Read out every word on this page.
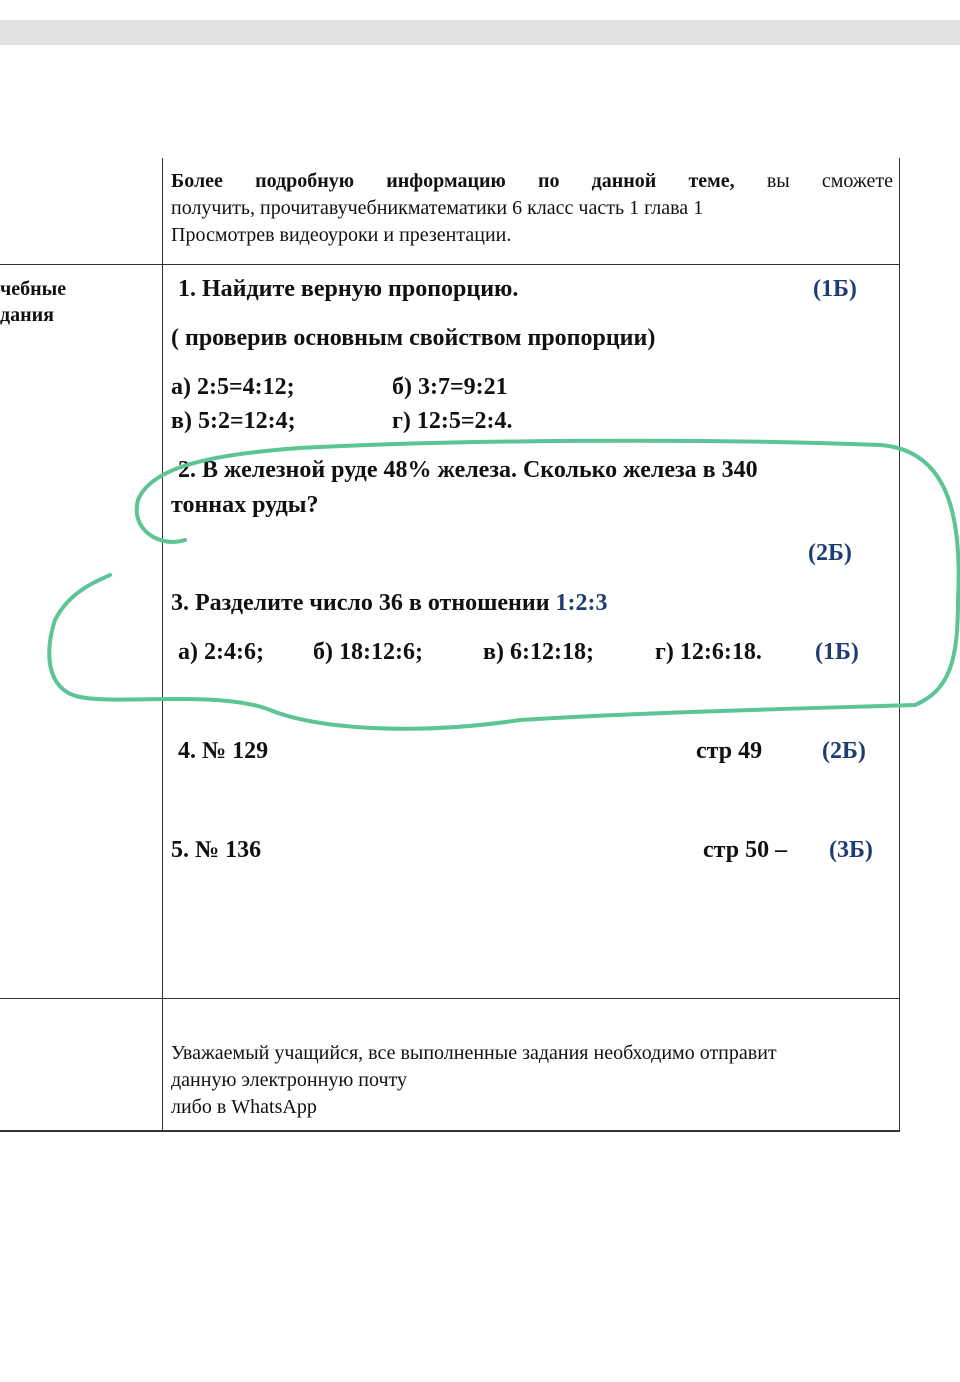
Более подробную информацию по данной теме, вы сможете
получить, прочитавучебникматематики 6 класс часть 1 глава 1
Просмотрев видеоуроки и презентации.
чебные
дания
1. Найдите верную пропорцию.	(1Б)
( проверив основным свойством пропорции)
а) 2:5=4:12;	б) 3:7=9:21
в) 5:2=12:4;	г) 12:5=2:4.
2. В железной руде 48% железа. Сколько железа в 340
тоннах руды?
(2Б)
3. Разделите число 36 в отношении 1:2:3
а) 2:4:6; б) 18:12:6;	в) 6:12:18;	г) 12:6:18. (1Б)
4. № 129	стр 49 (2Б)
5. № 136	стр 50 – (3Б)
Уважаемый учащийся, все выполненные задания необходимо отправит
данную электронную почту
либо в WhatsApp
